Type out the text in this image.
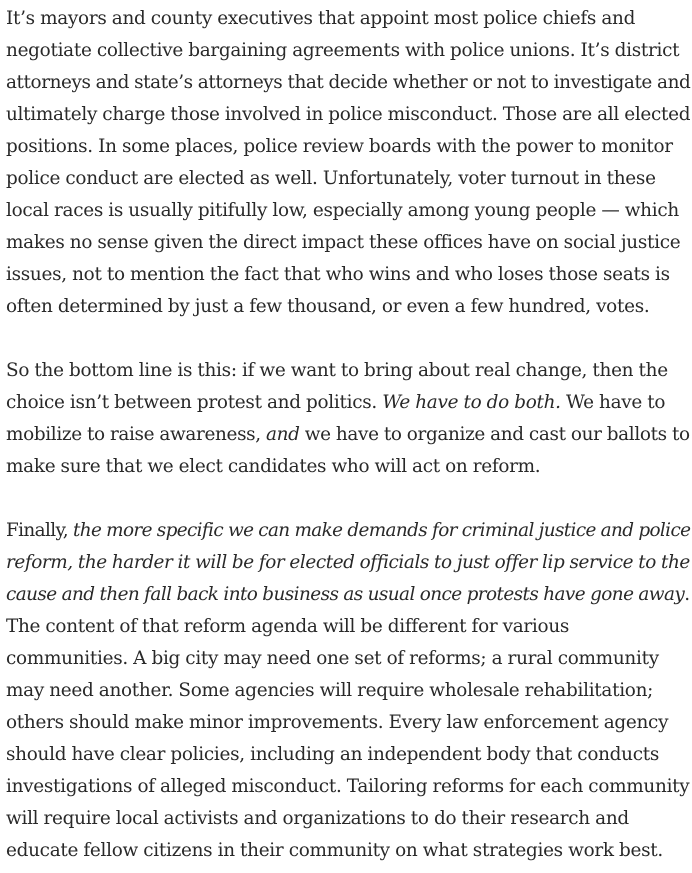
It’s mayors and county executives that appoint most police chiefs and
negotiate collective bargaining agreements with police unions. It’s district
attorneys and state’s attorneys that decide whether or not to investigate and
ultimately charge those involved in police misconduct. Those are all elected
positions. In some places, police review boards with the power to monitor
police conduct are elected as well. Unfortunately, voter turnout in these
local races is usually pitifully low, especially among young people — which
makes no sense given the direct impact these offices have on social justice
issues, not to mention the fact that who wins and who loses those seats is
often determined by just a few thousand, or even a few hundred, votes.

So the bottom line is this: if we want to bring about real change, then the
choice isn’t between protest and politics. We have to do both. We have to
mobilize to raise awareness, and we have to organize and cast our ballots to
make sure that we elect candidates who will act on reform.

Finally, the more specific we can make demands for criminal justice and police
reform, the harder it will be for elected officials to just offer lip service to the
cause and then fall back into business as usual once protests have gone away.
The content of that reform agenda will be different for various
communities. A big city may need one set of reforms; a rural community
may need another. Some agencies will require wholesale rehabilitation;
others should make minor improvements. Every law enforcement agency
should have clear policies, including an independent body that conducts
investigations of alleged misconduct. Tailoring reforms for each community
will require local activists and organizations to do their research and
educate fellow citizens in their community on what strategies work best.
